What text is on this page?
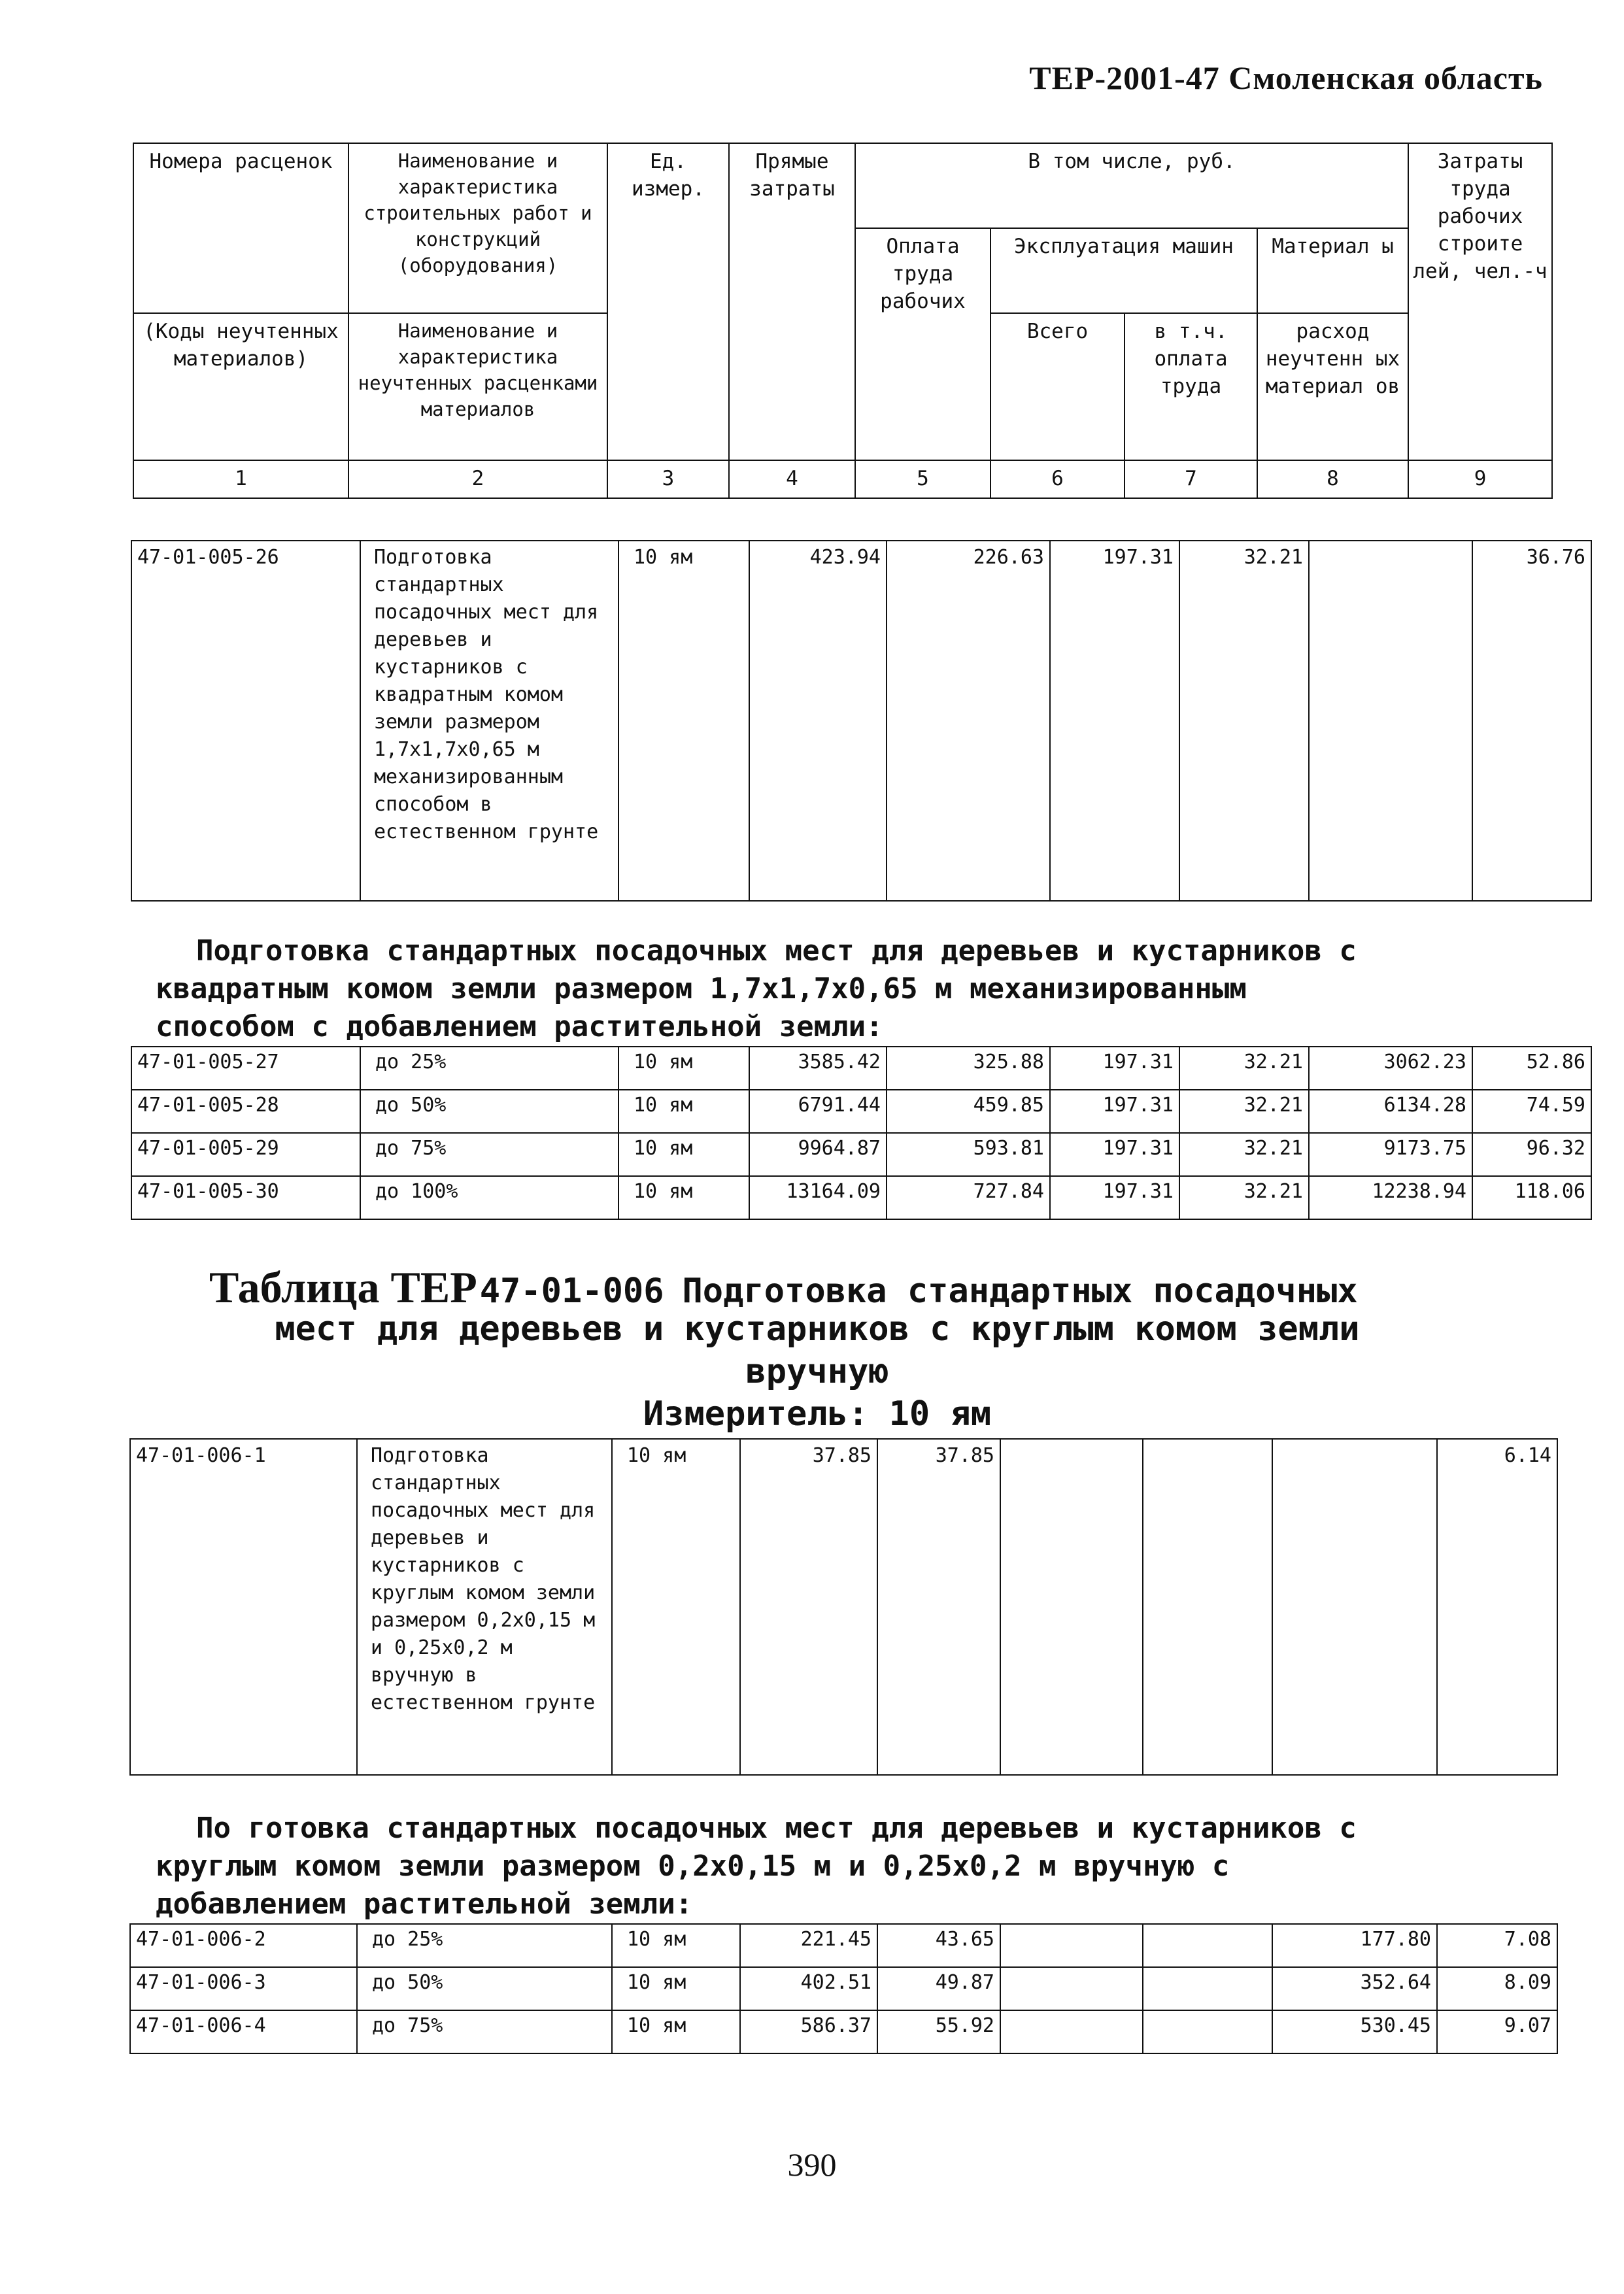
ТЕР-2001-47 Смоленская область
Номера расценок	Наименование и характеристика строительных работ и конструкций (оборудования)	Ед. измер.	Прямые затраты	В том числе, руб.				Затраты труда рабочих строите лей, чел.-ч
				Оплата труда рабочих	Эксплуатация машин		Материал ы	
(Коды неучтенных материалов)	Наименование и характеристика неучтенных расценками материалов				Всего	в т.ч. оплата труда	расход неучтенн ых материал ов	
1	2	3	4	5	6	7	8	9
47-01-005-26	Подготовка стандартных посадочных мест для деревьев и кустарников с квадратным комом земли размером 1,7х1,7х0,65 м механизированным способом в естественном грунте	10 ям	423.94	226.63	197.31	32.21		36.76
Подготовка стандартных посадочных мест для деревьев и кустарников с
квадратным комом земли размером 1,7х1,7х0,65 м механизированным
способом с добавлением растительной земли:
47-01-005-27	до 25%	10 ям	3585.42	325.88	197.31	32.21	3062.23	52.86
47-01-005-28	до 50%	10 ям	6791.44	459.85	197.31	32.21	6134.28	74.59
47-01-005-29	до 75%	10 ям	9964.87	593.81	197.31	32.21	9173.75	96.32
47-01-005-30	до 100%	10 ям	13164.09	727.84	197.31	32.21	12238.94	118.06
Таблица ТЕР 47-01-006 Подготовка стандартных посадочных
мест для деревьев и кустарников с круглым комом земли
вручную
Измеритель: 10 ям
47-01-006-1	Подготовка стандартных посадочных мест для деревьев и кустарников с круглым комом земли размером 0,2х0,15 м и 0,25х0,2 м вручную в естественном грунте	10 ям	37.85	37.85				6.14
По готовка стандартных посадочных мест для деревьев и кустарников с
круглым комом земли размером 0,2х0,15 м и 0,25х0,2 м вручную с
добавлением растительной земли:
47-01-006-2	до 25%	10 ям	221.45	43.65			177.80	7.08
47-01-006-3	до 50%	10 ям	402.51	49.87			352.64	8.09
47-01-006-4	до 75%	10 ям	586.37	55.92			530.45	9.07
390
